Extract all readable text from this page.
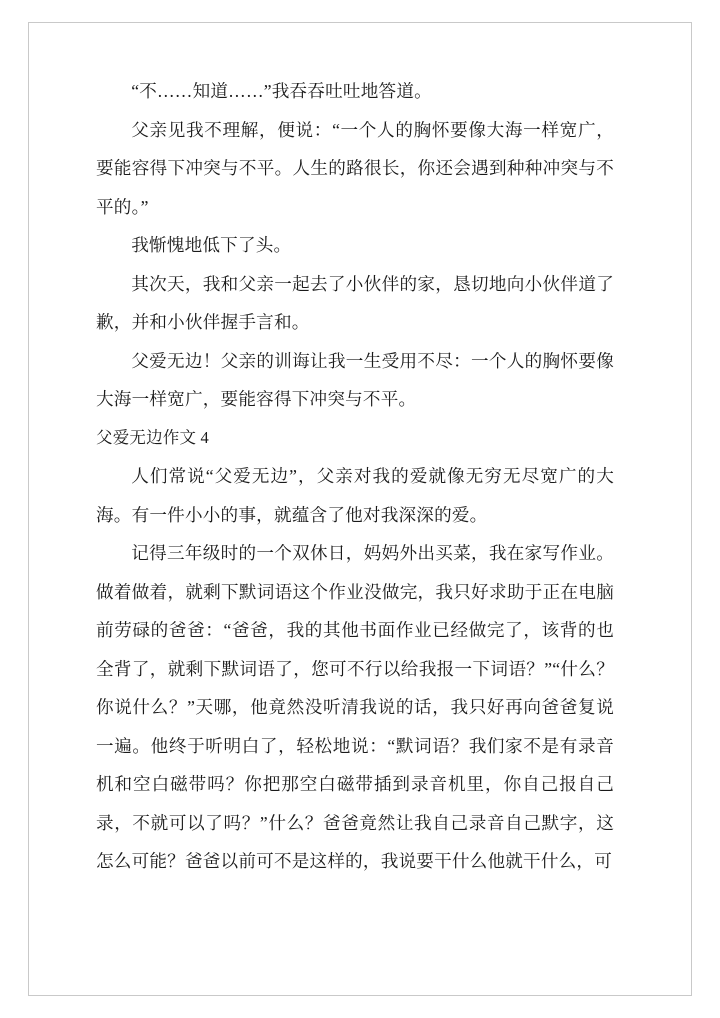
“不……知道……”我吞吞吐吐地答道。

父亲见我不理解，便说：“一个人的胸怀要像大海一样宽广，要能容得下冲突与不平。人生的路很长，你还会遇到种种冲突与不平的。”

我惭愧地低下了头。

其次天，我和父亲一起去了小伙伴的家，恳切地向小伙伴道了歉，并和小伙伴握手言和。

父爱无边！父亲的训诲让我一生受用不尽：一个人的胸怀要像大海一样宽广，要能容得下冲突与不平。

父爱无边作文 4

人们常说“父爱无边”，父亲对我的爱就像无穷无尽宽广的大海。有一件小小的事，就蕴含了他对我深深的爱。

记得三年级时的一个双休日，妈妈外出买菜，我在家写作业。做着做着，就剩下默词语这个作业没做完，我只好求助于正在电脑前劳碌的爸爸：“爸爸，我的其他书面作业已经做完了，该背的也全背了，就剩下默词语了，您可不行以给我报一下词语？”“什么？你说什么？”天哪，他竟然没听清我说的话，我只好再向爸爸复说一遍。他终于听明白了，轻松地说：“默词语？我们家不是有录音机和空白磁带吗？你把那空白磁带插到录音机里，你自己报自己录，不就可以了吗？”什么？爸爸竟然让我自己录音自己默字，这怎么可能？爸爸以前可不是这样的，我说要干什么他就干什么，可
